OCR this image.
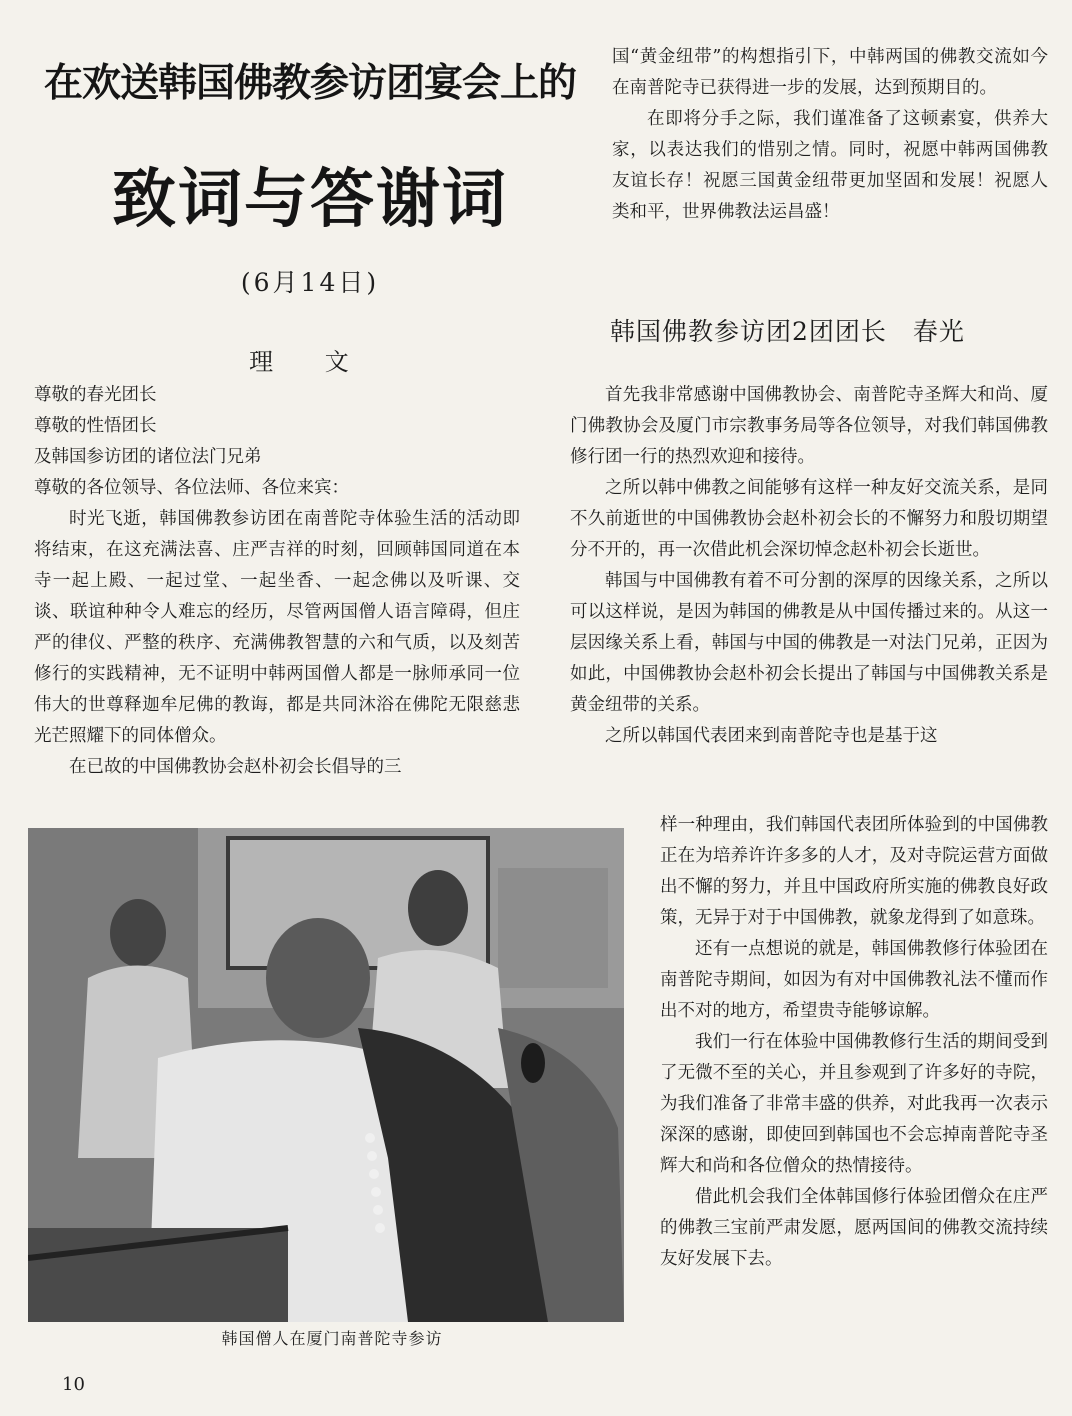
在欢送韩国佛教参访团宴会上的
致词与答谢词
(6月14日)
理 文

尊敬的春光团长

尊敬的性悟团长

及韩国参访团的诸位法门兄弟

尊敬的各位领导、各位法师、各位来宾：

时光飞逝，韩国佛教参访团在南普陀寺体验生活的活动即将结束，在这充满法喜、庄严吉祥的时刻，回顾韩国同道在本寺一起上殿、一起过堂、一起坐香、一起念佛以及听课、交谈、联谊种种令人难忘的经历，尽管两国僧人语言障碍，但庄严的律仪、严整的秩序、充满佛教智慧的六和气质，以及刻苦修行的实践精神，无不证明中韩两国僧人都是一脉师承同一位伟大的世尊释迦牟尼佛的教诲，都是共同沐浴在佛陀无限慈悲光芒照耀下的同体僧众。

在已故的中国佛教协会赵朴初会长倡导的三

国“黄金纽带”的构想指引下，中韩两国的佛教交流如今在南普陀寺已获得进一步的发展，达到预期目的。

在即将分手之际，我们谨准备了这顿素宴，供养大家，以表达我们的惜别之情。同时，祝愿中韩两国佛教友谊长存！祝愿三国黄金纽带更加坚固和发展！祝愿人类和平，世界佛教法运昌盛！

韩国佛教参访团2团团长　春光

首先我非常感谢中国佛教协会、南普陀寺圣辉大和尚、厦门佛教协会及厦门市宗教事务局等各位领导，对我们韩国佛教修行团一行的热烈欢迎和接待。

之所以韩中佛教之间能够有这样一种友好交流关系，是同不久前逝世的中国佛教协会赵朴初会长的不懈努力和殷切期望分不开的，再一次借此机会深切悼念赵朴初会长逝世。

韩国与中国佛教有着不可分割的深厚的因缘关系，之所以可以这样说，是因为韩国的佛教是从中国传播过来的。从这一层因缘关系上看，韩国与中国的佛教是一对法门兄弟，正因为如此，中国佛教协会赵朴初会长提出了韩国与中国佛教关系是黄金纽带的关系。

之所以韩国代表团来到南普陀寺也是基于这

样一种理由，我们韩国代表团所体验到的中国佛教正在为培养许许多多的人才，及对寺院运营方面做出不懈的努力，并且中国政府所实施的佛教良好政策，无异于对于中国佛教，就象龙得到了如意珠。

还有一点想说的就是，韩国佛教修行体验团在南普陀寺期间，如因为有对中国佛教礼法不懂而作出不对的地方，希望贵寺能够谅解。

我们一行在体验中国佛教修行生活的期间受到了无微不至的关心，并且参观到了许多好的寺院，为我们准备了非常丰盛的供养，对此我再一次表示深深的感谢，即使回到韩国也不会忘掉南普陀寺圣辉大和尚和各位僧众的热情接待。

借此机会我们全体韩国修行体验团僧众在庄严的佛教三宝前严肃发愿，愿两国间的佛教交流持续友好发展下去。

韩国僧人在厦门南普陀寺参访
10
